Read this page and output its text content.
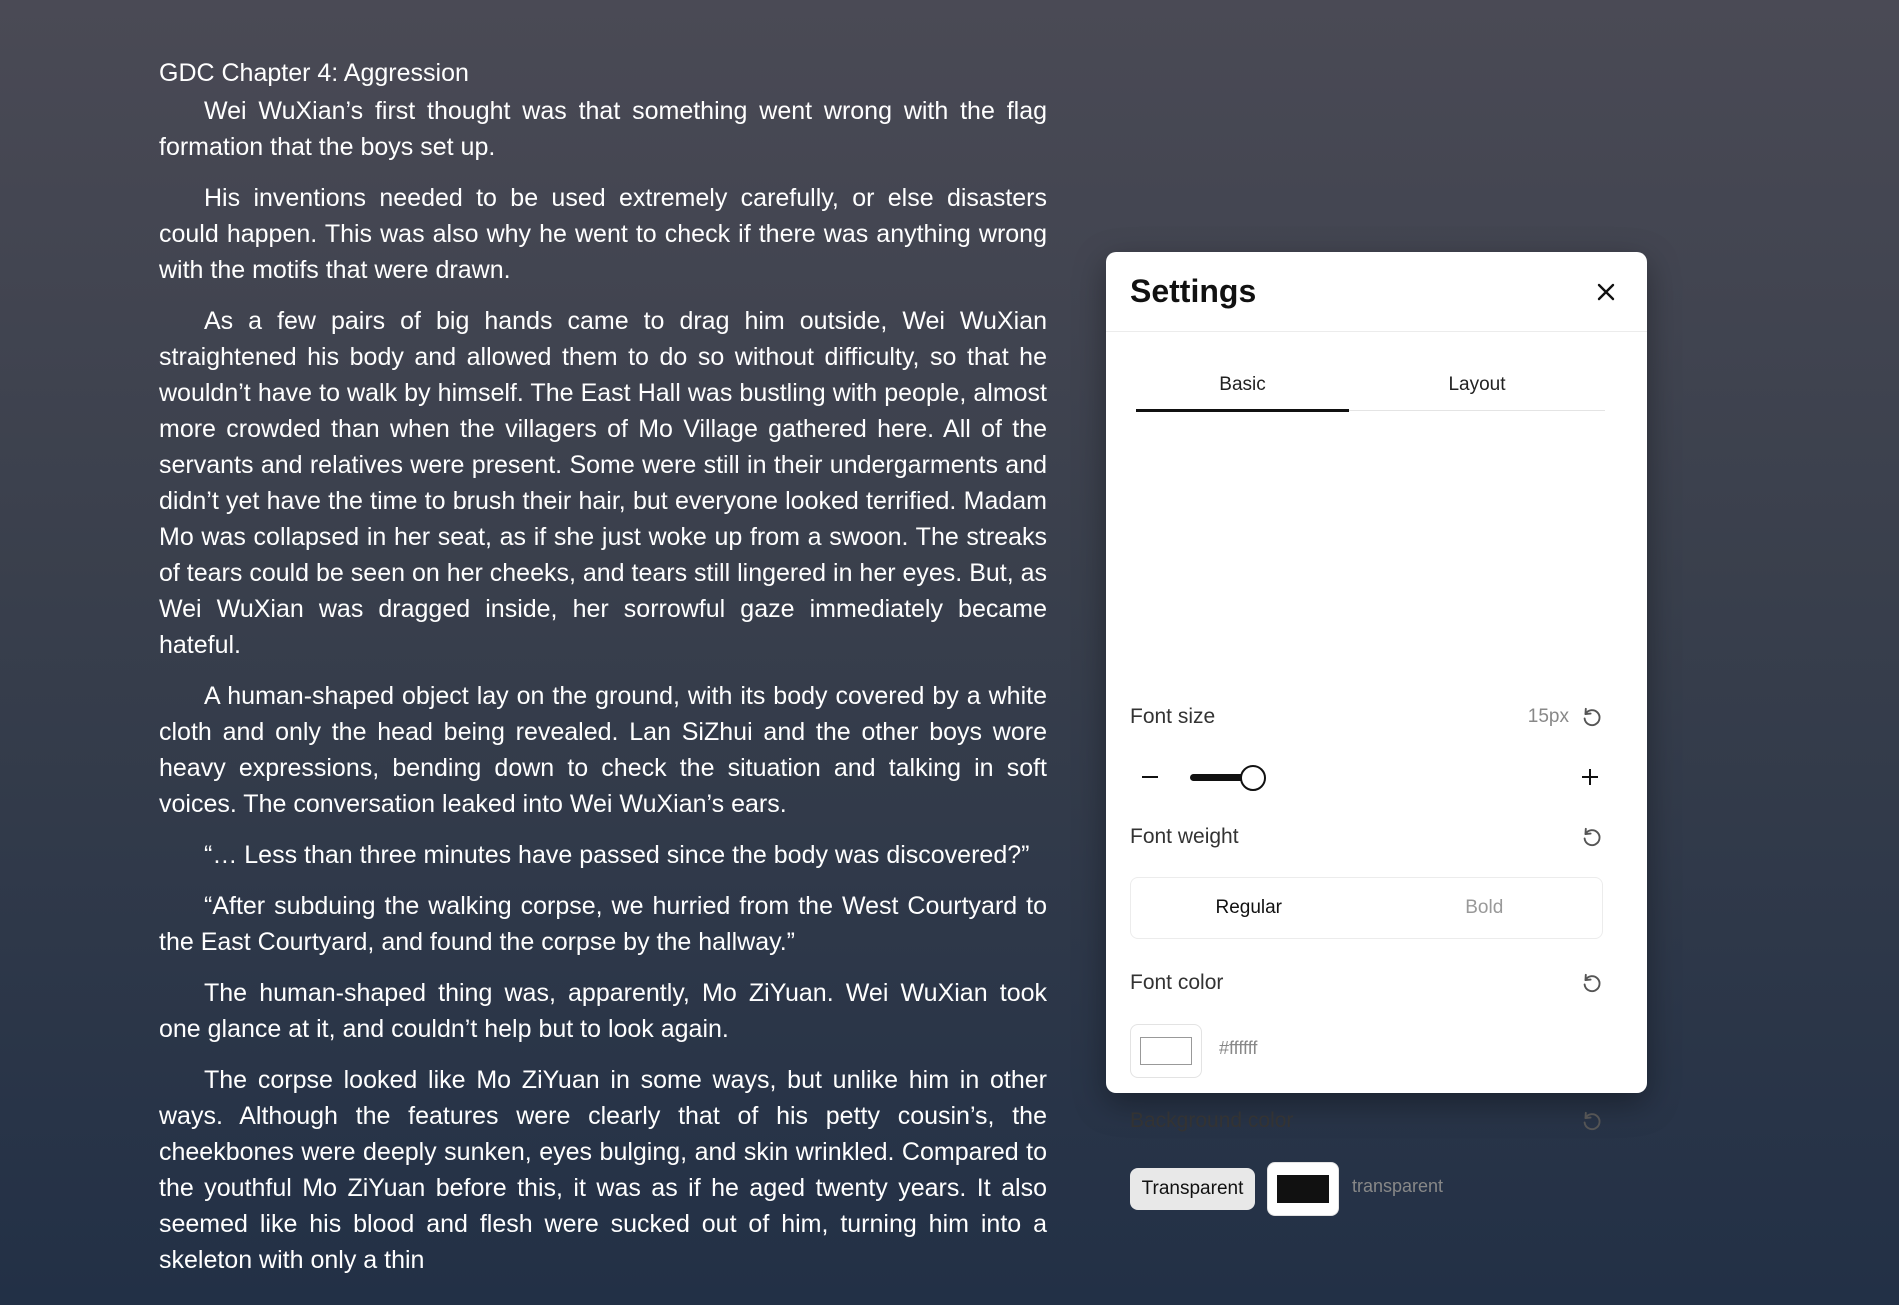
GDC Chapter 4: Aggression

Wei WuXian’s first thought was that something went wrong with the flag formation that the boys set up.

His inventions needed to be used extremely carefully, or else disasters could happen. This was also why he went to check if there was anything wrong with the motifs that were drawn.

As a few pairs of big hands came to drag him outside, Wei WuXian straightened his body and allowed them to do so without difficulty, so that he wouldn’t have to walk by himself. The East Hall was bustling with people, almost more crowded than when the villagers of Mo Village gathered here. All of the servants and relatives were present. Some were still in their undergarments and didn’t yet have the time to brush their hair, but everyone looked terrified. Madam Mo was collapsed in her seat, as if she just woke up from a swoon. The streaks of tears could be seen on her cheeks, and tears still lingered in her eyes. But, as Wei WuXian was dragged inside, her sorrowful gaze immediately became hateful.

A human-shaped object lay on the ground, with its body covered by a white cloth and only the head being revealed. Lan SiZhui and the other boys wore heavy expressions, bending down to check the situation and talking in soft voices. The conversation leaked into Wei WuXian’s ears.

“… Less than three minutes have passed since the body was discovered?”

“After subduing the walking corpse, we hurried from the West Courtyard to the East Courtyard, and found the corpse by the hallway.”

The human-shaped thing was, apparently, Mo ZiYuan. Wei WuXian took one glance at it, and couldn’t help but to look again.

The corpse looked like Mo ZiYuan in some ways, but unlike him in other ways. Although the features were clearly that of his petty cousin’s, the cheekbones were deeply sunken, eyes bulging, and skin wrinkled. Compared to the youthful Mo ZiYuan before this, it was as if he aged twenty years. It also seemed like his blood and flesh were sucked out of him, turning him into a skeleton with only a thin

Settings
Basic	Layout
Font size	15px
Font weight
Regular	Bold
Font color
#ffffff
Background color
Transparent	transparent
